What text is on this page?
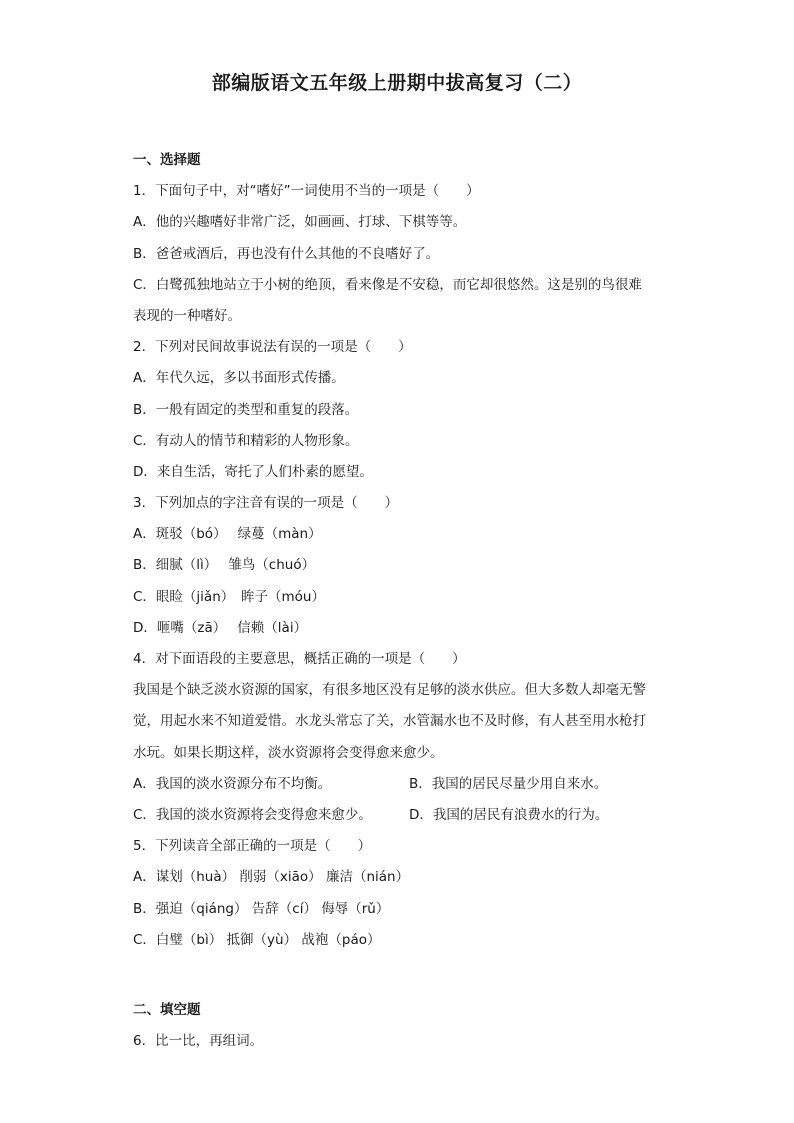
部编版语文五年级上册期中拔高复习（二）
一、选择题
1．下面句子中，对“嗜好”一词使用不当的一项是（　　）
A．他的兴趣嗜好非常广泛，如画画、打球、下棋等等。
B．爸爸戒酒后，再也没有什么其他的不良嗜好了。
C．白鹭孤独地站立于小树的绝顶，看来像是不安稳，而它却很悠然。这是别的鸟很难
表现的一种嗜好。
2．下列对民间故事说法有误的一项是（　　）
A．年代久远，多以书面形式传播。
B．一般有固定的类型和重复的段落。
C．有动人的情节和精彩的人物形象。
D．来自生活，寄托了人们朴素的愿望。
3．下列加点的字注音有误的一项是（　　）
A．斑驳（bó）　 绿蔓（màn）
B．细腻（lì）　 雏鸟（chuó）
C．眼睑（jiǎn）　眸子（móu）
D．咂嘴（zā）　 信赖（lài）
4．对下面语段的主要意思，概括正确的一项是（　　）
我国是个缺乏淡水资源的国家，有很多地区没有足够的淡水供应。但大多数人却毫无警
觉，用起水来不知道爱惜。水龙头常忘了关，水管漏水也不及时修，有人甚至用水枪打
水玩。如果长期这样，淡水资源将会变得愈来愈少。
A．我国的淡水资源分布不均衡。	B．我国的居民尽量少用自来水。
C．我国的淡水资源将会变得愈来愈少。	D．我国的居民有浪费水的行为。
5．下列读音全部正确的一项是（　　）
A．谋划（huà） 削弱（xiāo） 廉洁（nián）
B．强迫（qiáng） 告辞（cí） 侮辱（rǔ）
C．白璧（bì） 抵御（yù） 战袍（páo）
二、填空题
6．比一比，再组词。
